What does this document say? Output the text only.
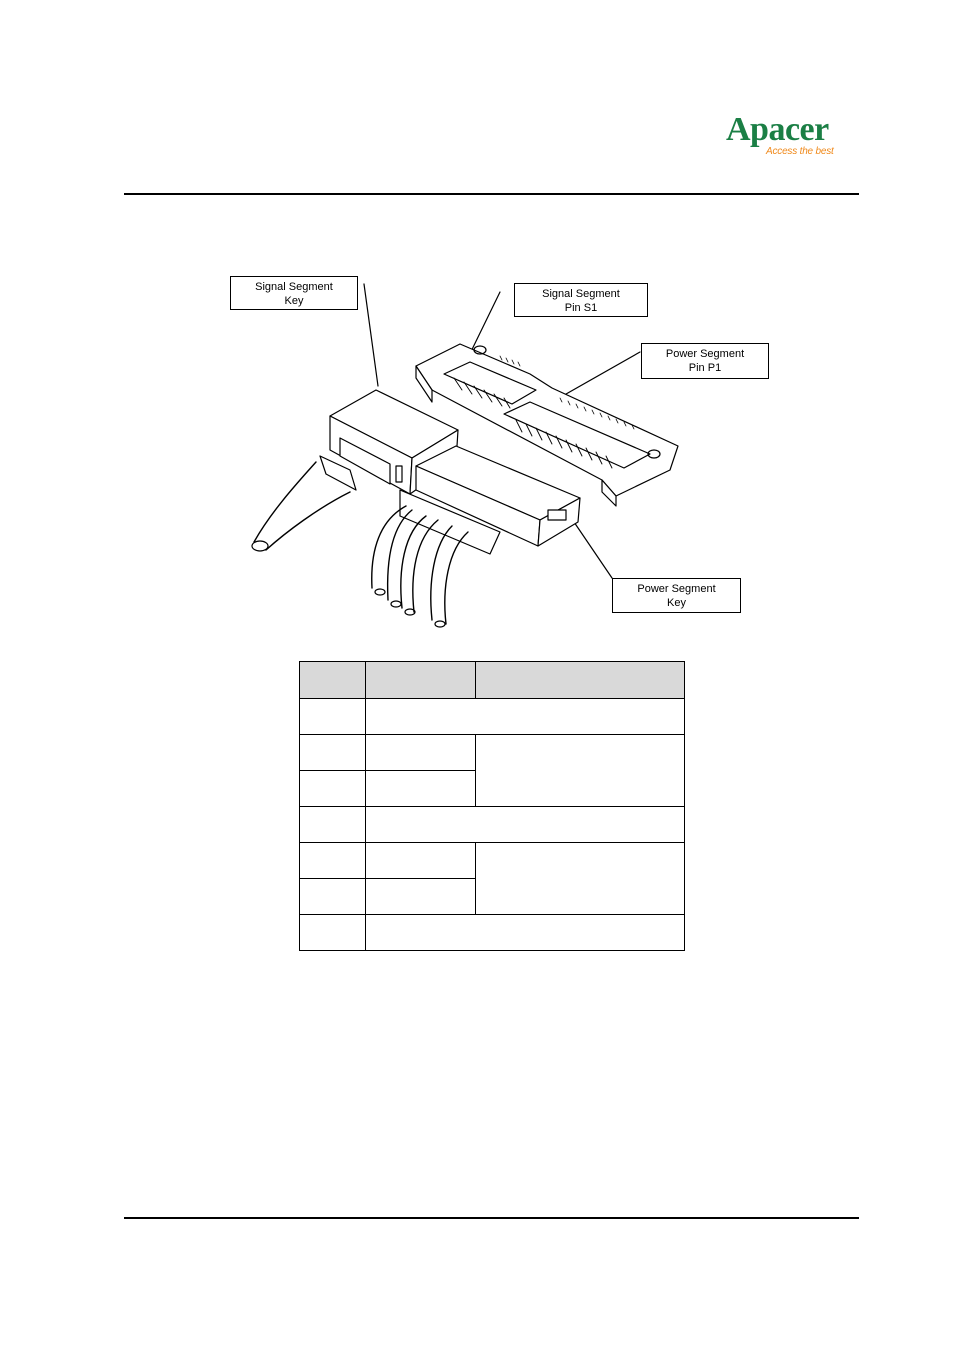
Apacer
Access the best
Signal Segment
Key
Signal Segment
Pin S1
Power Segment
Pin P1
Power Segment
Key
